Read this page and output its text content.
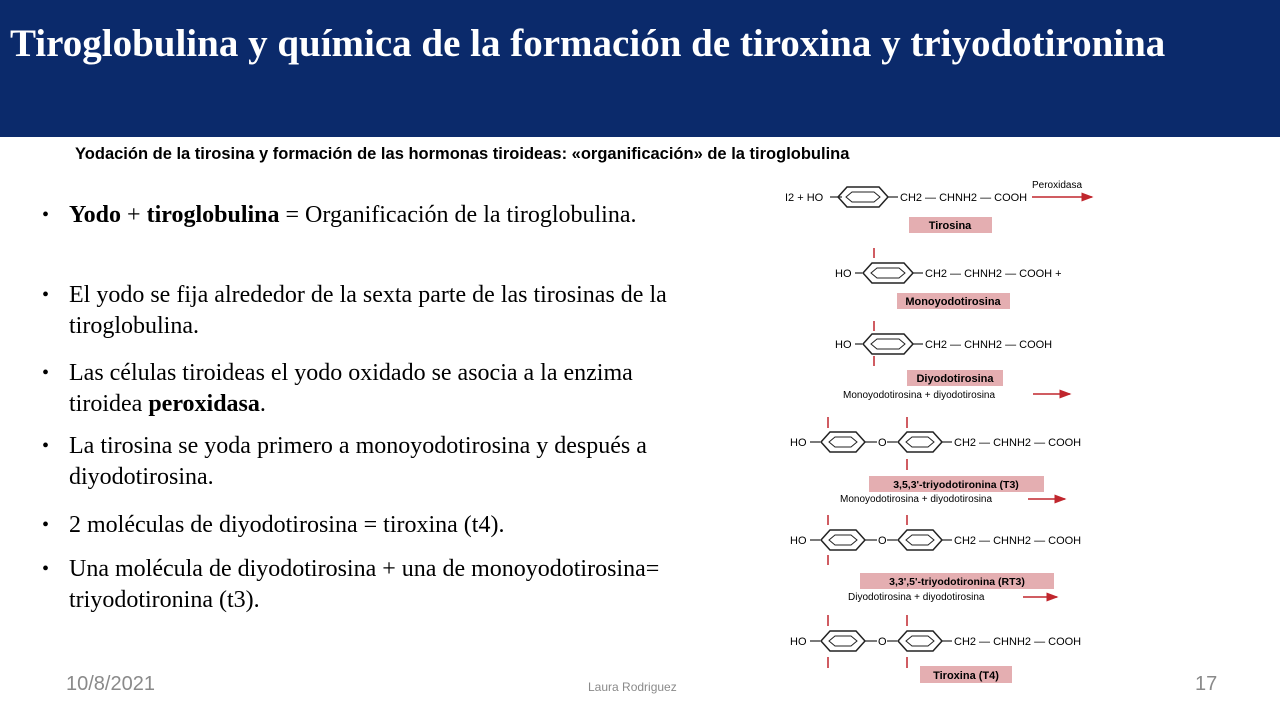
Tiroglobulina y química de la formación de tiroxina y triyodotironina

Yodación de la tirosina y formación de las hormonas tiroideas: «organificación» de la tiroglobulina

• Yodo + tiroglobulina = Organificación de la tiroglobulina.
• El yodo se fija alrededor de la sexta parte de las tirosinas de la tiroglobulina.
• Las células tiroideas el yodo oxidado se asocia a la enzima tiroidea peroxidasa.
• La tirosina se yoda primero a monoyodotirosina y después a diyodotirosina.
• 2 moléculas de diyodotirosina = tiroxina (t4).
• Una molécula de diyodotirosina + una de monoyodotirosina= triyodotironina (t3).
I2 + HO	CH2 — CHNH2 — COOH
Peroxidasa
Tirosina
HO	CH2 — CHNH2 — COOH +
Monoyodotirosina
HO	CH2 — CHNH2 — COOH
Diyodotirosina
Monoyodotirosina + diyodotirosina
HO	O	CH2 — CHNH2 — COOH
3,5,3'-triyodotironina (T3)
Monoyodotirosina + diyodotirosina
HO	O	CH2 — CHNH2 — COOH
3,3',5'-triyodotironina (RT3)
Diyodotirosina + diyodotirosina
HO	O	CH2 — CHNH2 — COOH
Tiroxina (T4)
10/8/2021	Laura Rodriguez	17
